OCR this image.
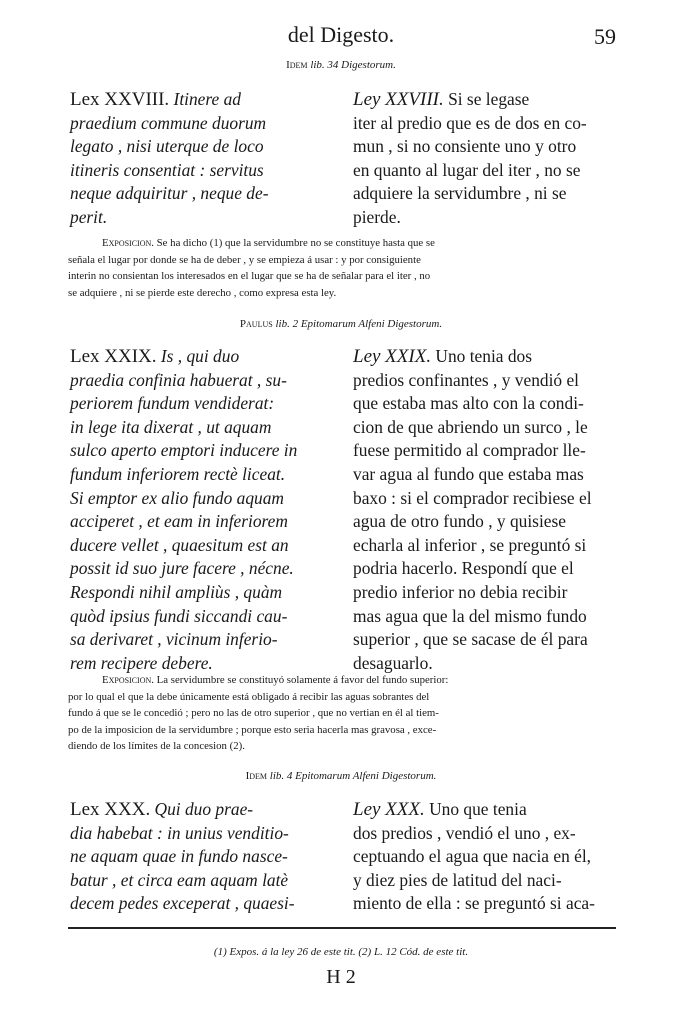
del Digesto.	59
Idem lib. 34 Digestorum.
Lex XXVIII. Itinere ad
praedium commune duorum
legato , nisi uterque de loco
itineris consentiat : servitus
neque adquiritur , neque de-
perit.
Ley XXVIII. Si se legase
iter al predio que es de dos en co-
mun , si no consiente uno y otro
en quanto al lugar del iter , no se
adquiere la servidumbre , ni se
pierde.
Exposicion. Se ha dicho (1) que la servidumbre no se constituye hasta que se
señala el lugar por donde se ha de deber , y se empieza á usar : y por consiguiente
interin no consientan los interesados en el lugar que se ha de señalar para el iter , no
se adquiere , ni se pierde este derecho , como expresa esta ley.
Paulus lib. 2 Epitomarum Alfeni Digestorum.
Lex XXIX. Is , qui duo
praedia confinia habuerat , su-
periorem fundum vendiderat:
in lege ita dixerat , ut aquam
sulco aperto emptori inducere in
fundum inferiorem rectè liceat.
Si emptor ex alio fundo aquam
acciperet , et eam in inferiorem
ducere vellet , quaesitum est an
possit id suo jure facere , nécne.
Respondi nihil ampliùs , quàm
quòd ipsius fundi siccandi cau-
sa derivaret , vicinum inferio-
rem recipere debere.
Ley XXIX. Uno tenia dos
predios confinantes , y vendió el
que estaba mas alto con la condi-
cion de que abriendo un surco , le
fuese permitido al comprador lle-
var agua al fundo que estaba mas
baxo : si el comprador recibiese el
agua de otro fundo , y quisiese
echarla al inferior , se preguntó si
podria hacerlo. Respondí que el
predio inferior no debia recibir
mas agua que la del mismo fundo
superior , que se sacase de él para
desaguarlo.
Exposicion. La servidumbre se constituyó solamente á favor del fundo superior:
por lo qual el que la debe únicamente está obligado á recibir las aguas sobrantes del
fundo á que se le concedió ; pero no las de otro superior , que no vertian en él al tiem-
po de la imposicion de la servidumbre ; porque esto seria hacerla mas gravosa , exce-
diendo de los límites de la concesion (2).
Idem lib. 4 Epitomarum Alfeni Digestorum.
Lex XXX. Qui duo prae-
dia habebat : in unius venditio-
ne aquam quae in fundo nasce-
batur , et circa eam aquam latè
decem pedes exceperat , quaesi-
Ley XXX. Uno que tenia
dos predios , vendió el uno , ex-
ceptuando el agua que nacia en él,
y diez pies de latitud del naci-
miento de ella : se preguntó si aca-
(1) Expos. á la ley 26 de este tit. (2) L. 12 Cód. de este tit.
H 2
